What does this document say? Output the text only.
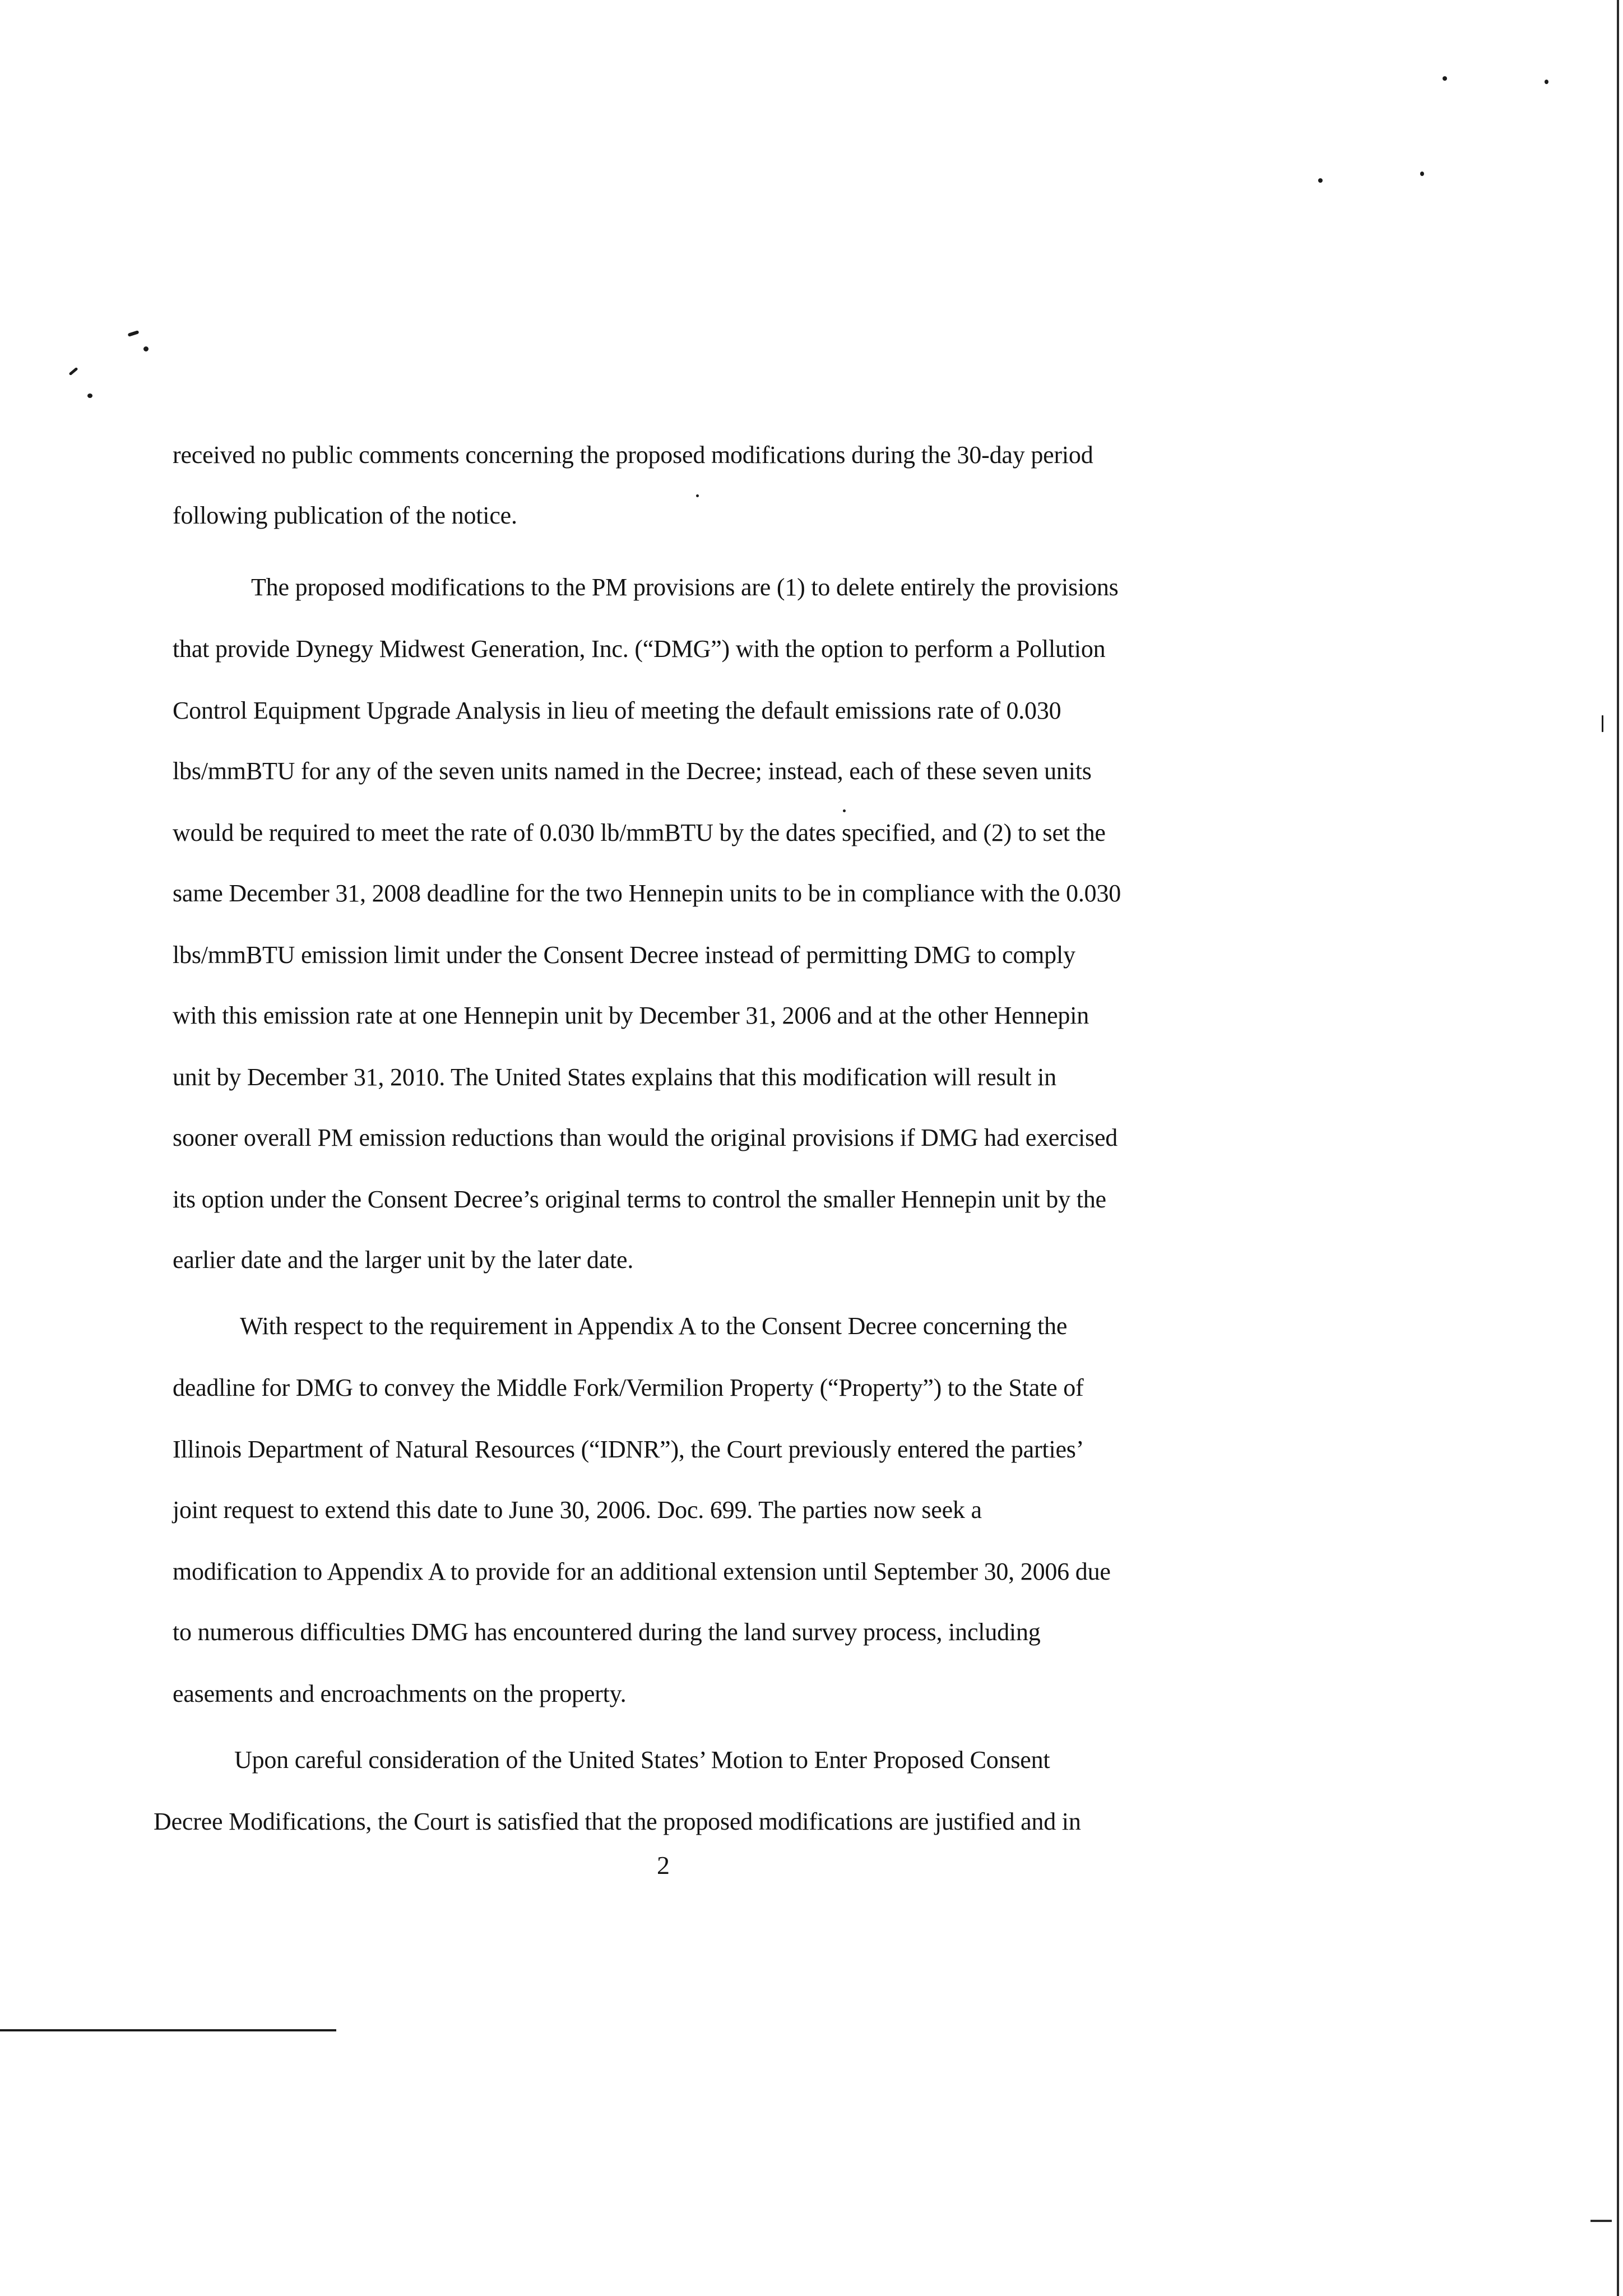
received no public comments concerning the proposed modifications during the 30-day period
following publication of the notice.
The proposed modifications to the PM provisions are (1) to delete entirely the provisions
that provide Dynegy Midwest Generation, Inc. (“DMG”) with the option to perform a Pollution
Control Equipment Upgrade Analysis in lieu of meeting the default emissions rate of 0.030
lbs/mmBTU for any of the seven units named in the Decree; instead, each of these seven units
would be required to meet the rate of 0.030 lb/mmBTU by the dates specified, and (2) to set the
same December 31, 2008 deadline for the two Hennepin units to be in compliance with the 0.030
lbs/mmBTU emission limit under the Consent Decree instead of permitting DMG to comply
with this emission rate at one Hennepin unit by December 31, 2006 and at the other Hennepin
unit by December 31, 2010. The United States explains that this modification will result in
sooner overall PM emission reductions than would the original provisions if DMG had exercised
its option under the Consent Decree’s original terms to control the smaller Hennepin unit by the
earlier date and the larger unit by the later date.
With respect to the requirement in Appendix A to the Consent Decree concerning the
deadline for DMG to convey the Middle Fork/Vermilion Property (“Property”) to the State of
Illinois Department of Natural Resources (“IDNR”), the Court previously entered the parties’
joint request to extend this date to June 30, 2006. Doc. 699. The parties now seek a
modification to Appendix A to provide for an additional extension until September 30, 2006 due
to numerous difficulties DMG has encountered during the land survey process, including
easements and encroachments on the property.
Upon careful consideration of the United States’ Motion to Enter Proposed Consent
Decree Modifications, the Court is satisfied that the proposed modifications are justified and in
2
